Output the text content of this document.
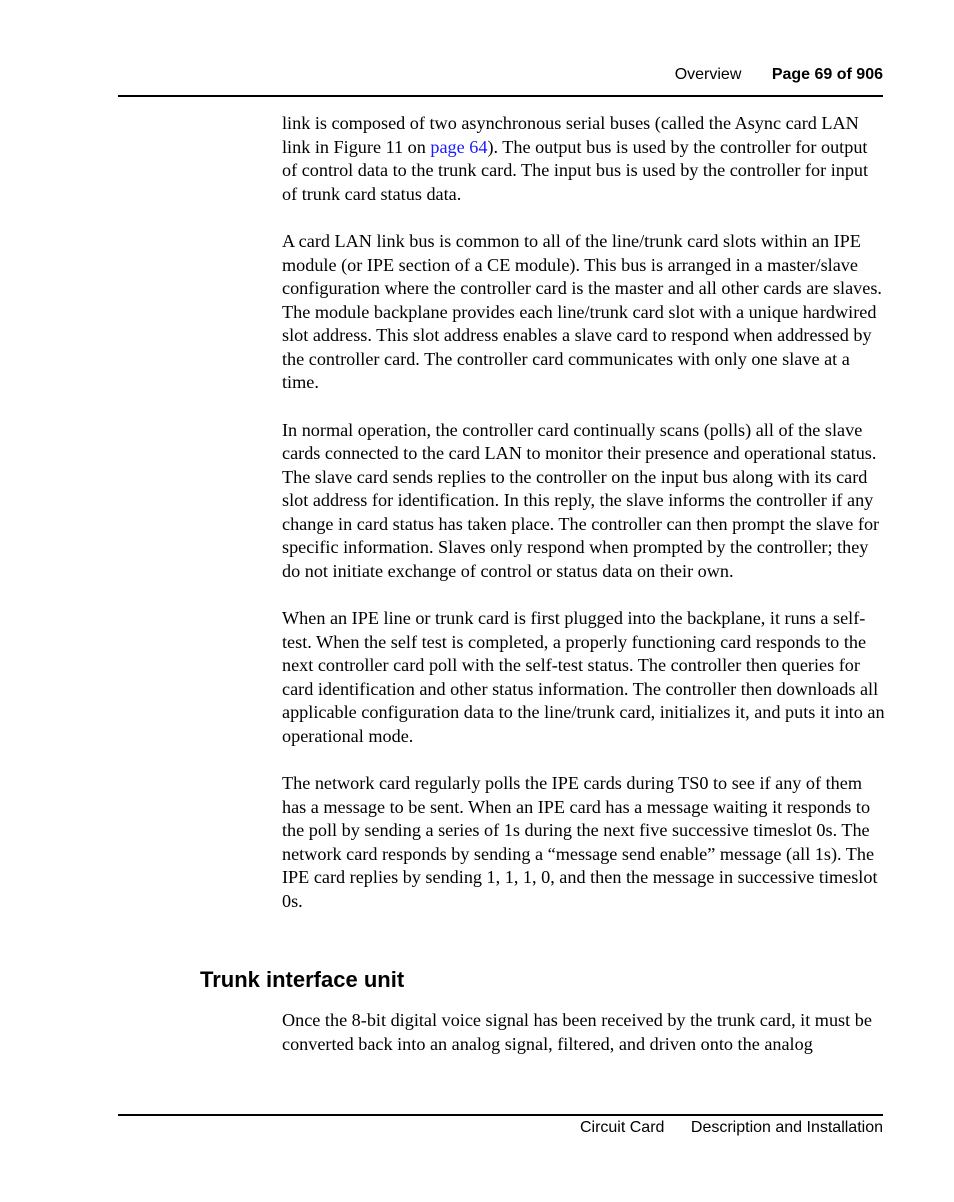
Overview Page 69 of 906

link is composed of two asynchronous serial buses (called the Async card LAN link in Figure 11 on page 64). The output bus is used by the controller for output of control data to the trunk card. The input bus is used by the controller for input of trunk card status data.

A card LAN link bus is common to all of the line/trunk card slots within an IPE module (or IPE section of a CE module). This bus is arranged in a master/slave configuration where the controller card is the master and all other cards are slaves. The module backplane provides each line/trunk card slot with a unique hardwired slot address. This slot address enables a slave card to respond when addressed by the controller card. The controller card communicates with only one slave at a time.

In normal operation, the controller card continually scans (polls) all of the slave cards connected to the card LAN to monitor their presence and operational status. The slave card sends replies to the controller on the input bus along with its card slot address for identification. In this reply, the slave informs the controller if any change in card status has taken place. The controller can then prompt the slave for specific information. Slaves only respond when prompted by the controller; they do not initiate exchange of control or status data on their own.

When an IPE line or trunk card is first plugged into the backplane, it runs a self-test. When the self test is completed, a properly functioning card responds to the next controller card poll with the self-test status. The controller then queries for card identification and other status information. The controller then downloads all applicable configuration data to the line/trunk card, initializes it, and puts it into an operational mode.

The network card regularly polls the IPE cards during TS0 to see if any of them has a message to be sent. When an IPE card has a message waiting it responds to the poll by sending a series of 1s during the next five successive timeslot 0s. The network card responds by sending a “message send enable” message (all 1s). The IPE card replies by sending 1, 1, 1, 0, and then the message in successive timeslot 0s.

Trunk interface unit

Once the 8-bit digital voice signal has been received by the trunk card, it must be converted back into an analog signal, filtered, and driven onto the analog

Circuit Card Description and Installation
